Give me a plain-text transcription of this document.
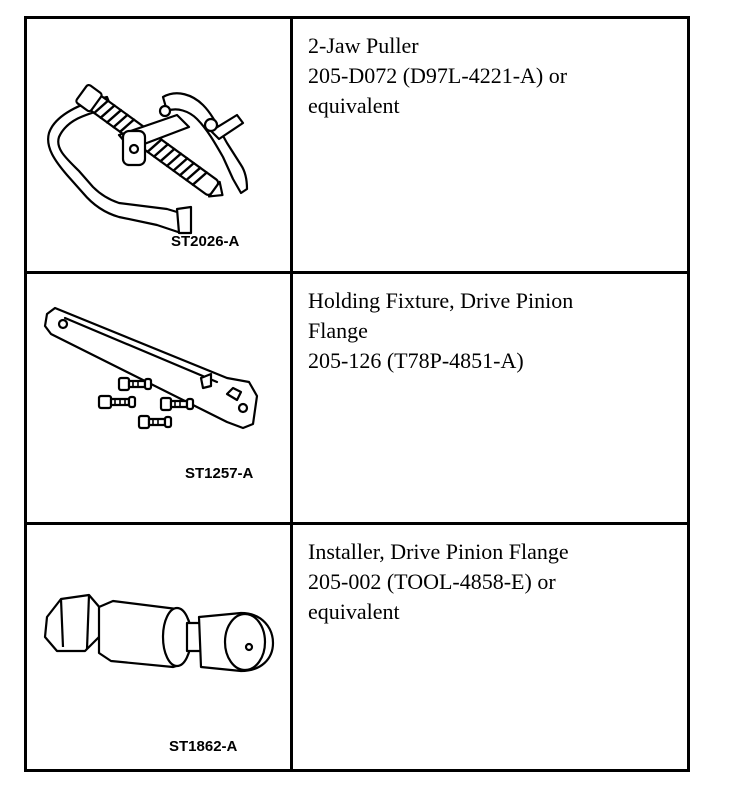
ST2026-A
2-Jaw Puller
205-D072 (D97L-4221-A) or
equivalent
ST1257-A
Holding Fixture, Drive Pinion
Flange
205-126 (T78P-4851-A)
ST1862-A
Installer, Drive Pinion Flange
205-002 (TOOL-4858-E) or
equivalent
